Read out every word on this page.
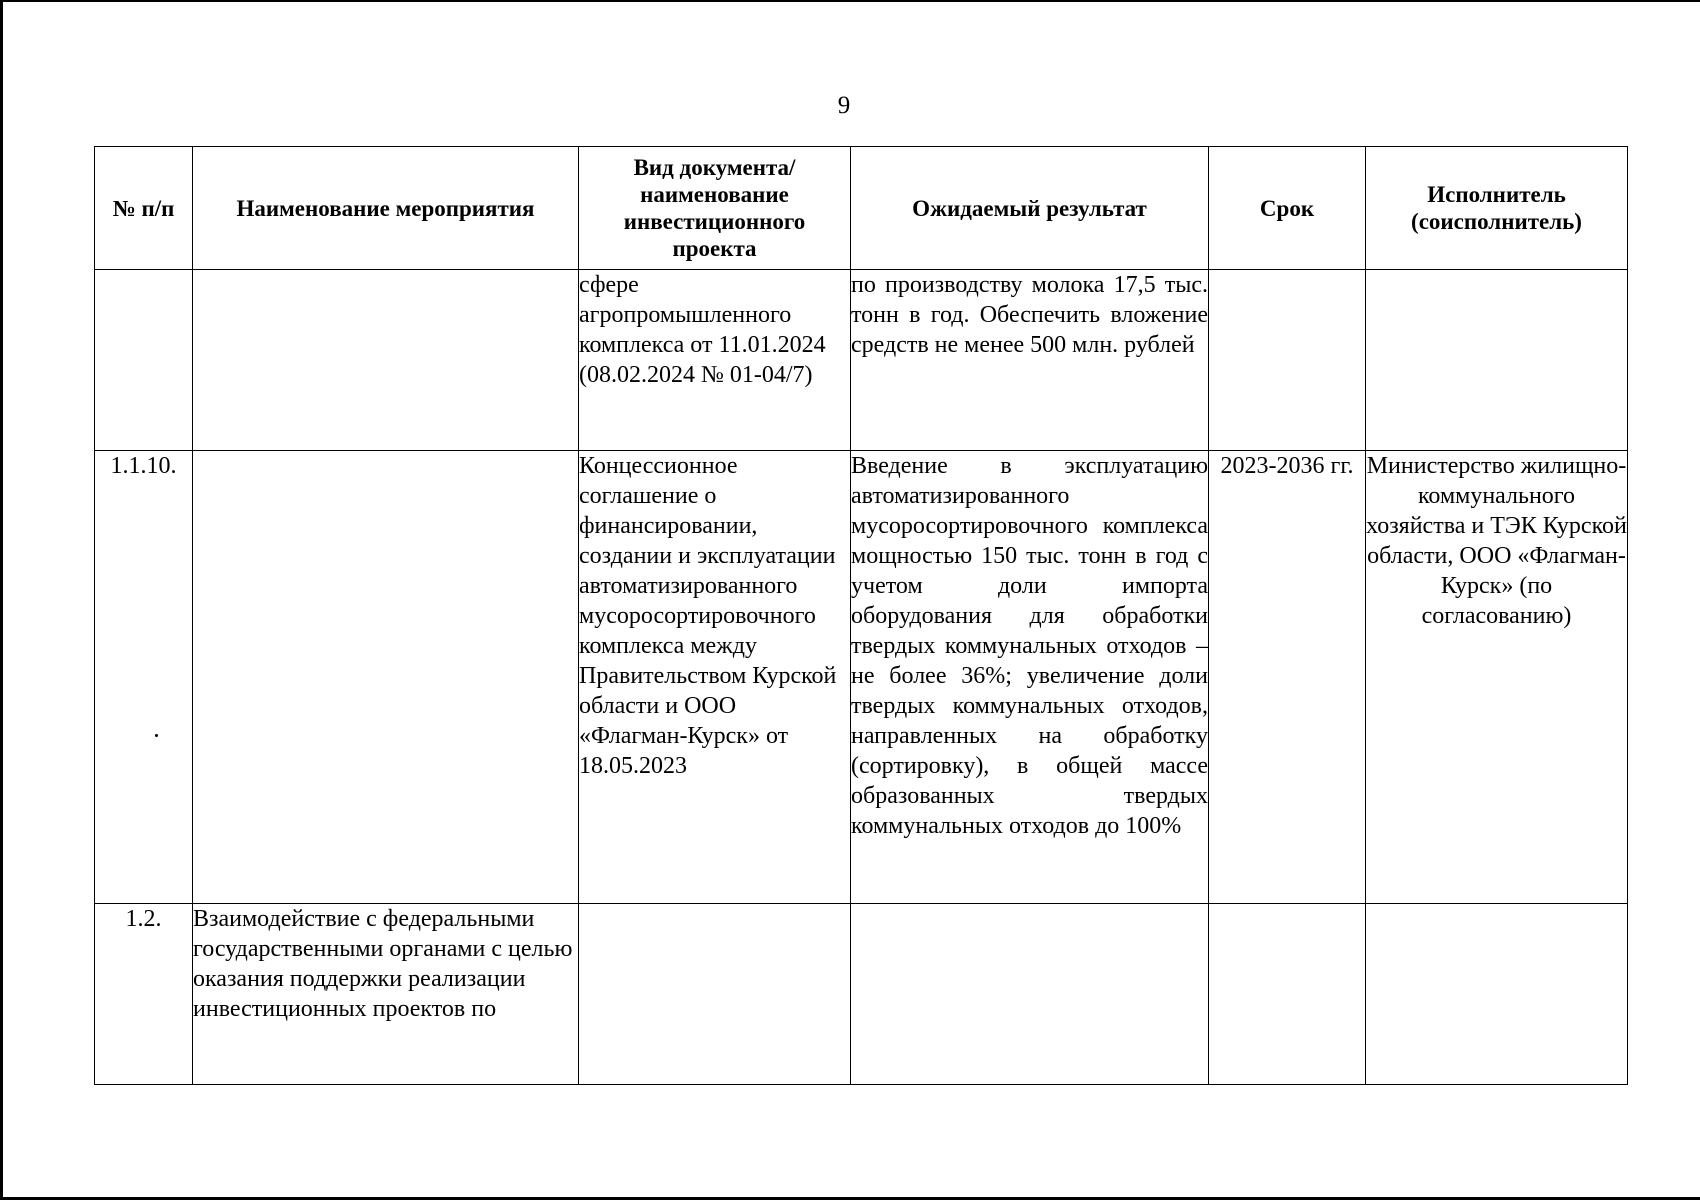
9
№ п/п	Наименование мероприятия	Вид документа/ наименование инвестиционного проекта	Ожидаемый результат	Срок	Исполнитель (соисполнитель)
		сфере агропромышленного комплекса от 11.01.2024 (08.02.2024 № 01-04/7)	по производству молока 17,5 тыс. тонн в год. Обеспечить вложение средств не менее 500 млн. рублей		
1.1.10.		Концессионное соглашение о финансировании, создании и эксплуатации автоматизированного мусоросортировочного комплекса между Правительством Курской области и ООО «Флагман-Курск» от 18.05.2023	Введение в эксплуатацию автоматизированного мусоросортировочного комплекса мощностью 150 тыс. тонн в год с учетом доли импорта оборудования для обработки твердых коммунальных отходов – не более 36%; увеличение доли твердых коммунальных отходов, направленных на обработку (сортировку), в общей массе образованных твердых коммунальных отходов до 100%	2023-2036 гг.	Министерство жилищно-коммунального хозяйства и ТЭК Курской области, ООО «Флагман-Курск» (по согласованию)
1.2.	Взаимодействие с федеральными государственными органами с целью оказания поддержки реализации инвестиционных проектов по				
